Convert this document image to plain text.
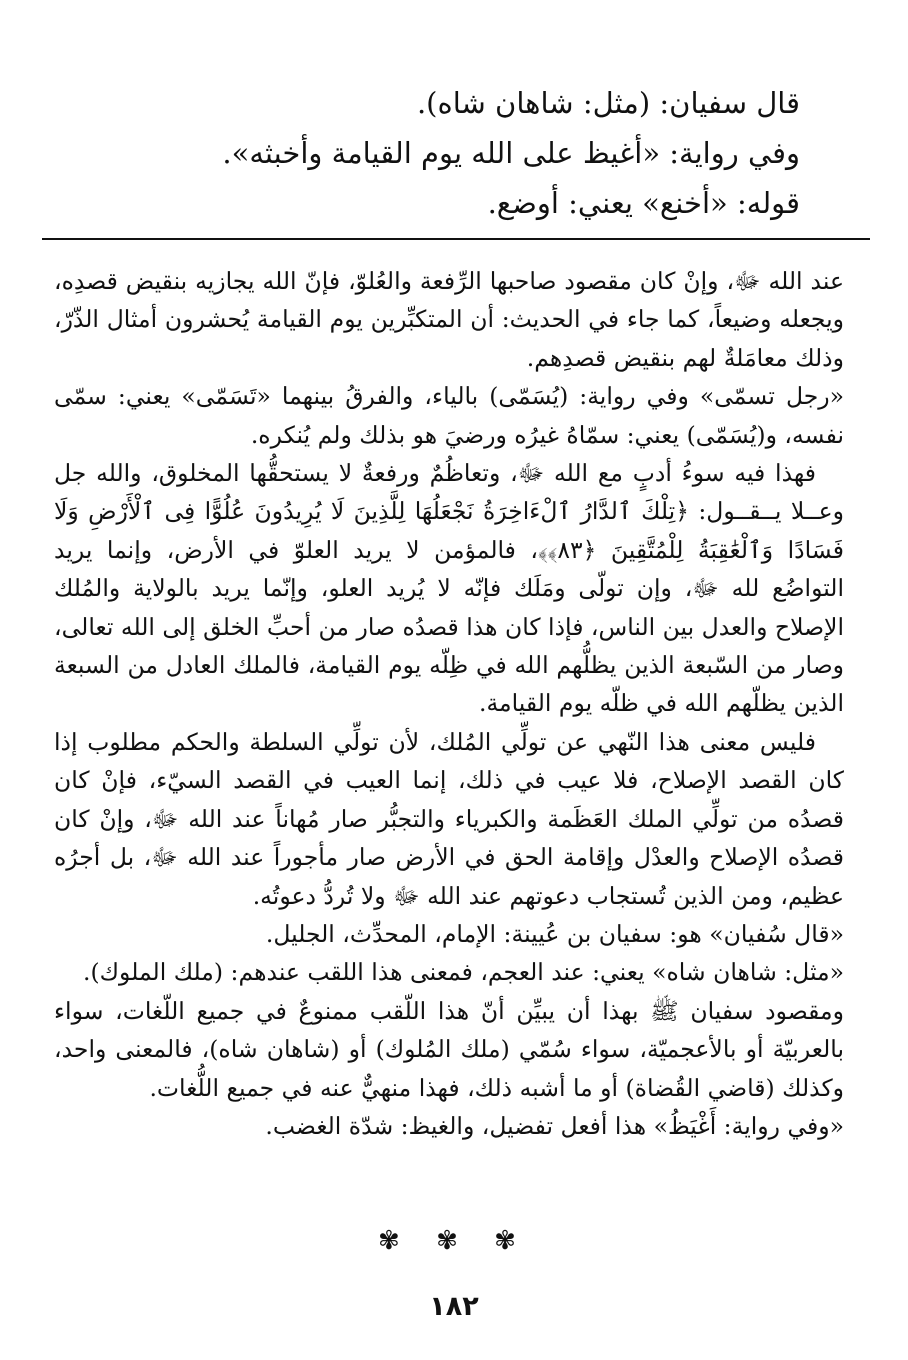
قال سفيان: (مثل: شاهان شاه).

وفي رواية: «أغيظ على الله يوم القيامة وأخبثه».

قوله: «أخنع» يعني: أوضع.

عند الله ﷻ، وإنْ كان مقصود صاحبها الرِّفعة والعُلوّ، فإنّ الله يجازيه بنقيض قصدِه، ويجعله وضيعاً، كما جاء في الحديث: أن المتكبِّرين يوم القيامة يُحشرون أمثال الذّرّ، وذلك معامَلةٌ لهم بنقيض قصدِهم.

«رجل تسمّى» وفي رواية: (يُسَمّى) بالياء، والفرقُ بينهما «تَسَمّى» يعني: سمّى نفسه، و(يُسَمّى) يعني: سمّاهُ غيرُه ورضيَ هو بذلك ولم يُنكره.

فهذا فيه سوءُ أدبٍ مع الله ﷻ، وتعاظُمٌ ورفعةٌ لا يستحقُّها المخلوق، والله جل وعــلا يــقــول: ﴿تِلْكَ ٱلدَّارُ ٱلْءَاخِرَةُ نَجْعَلُهَا لِلَّذِينَ لَا يُرِيدُونَ عُلُوًّا فِى ٱلْأَرْضِ وَلَا فَسَادًا وَٱلْعَٰقِبَةُ لِلْمُتَّقِينَ ﴿٨٣﴾﴾، فالمؤمن لا يريد العلوّ في الأرض، وإنما يريد التواضُع لله ﷻ، وإن تولّى ومَلَك فإنّه لا يُريد العلو، وإنّما يريد بالولاية والمُلك الإصلاح والعدل بين الناس، فإذا كان هذا قصدُه صار من أحبِّ الخلق إلى الله تعالى، وصار من السّبعة الذين يظلُّهم الله في ظِلّه يوم القيامة، فالملك العادل من السبعة الذين يظلّهم الله في ظلّه يوم القيامة.

فليس معنى هذا النّهي عن تولِّي المُلك، لأن تولِّي السلطة والحكم مطلوب إذا كان القصد الإصلاح، فلا عيب في ذلك، إنما العيب في القصد السيّء، فإنْ كان قصدُه من تولِّي الملك العَظَمة والكبرياء والتجبُّر صار مُهاناً عند الله ﷻ، وإنْ كان قصدُه الإصلاح والعدْل وإقامة الحق في الأرض صار مأجوراً عند الله ﷻ، بل أجرُه عظيم، ومن الذين تُستجاب دعوتهم عند الله ﷻ ولا تُردُّ دعوتُه.

«قال سُفيان» هو: سفيان بن عُيينة: الإمام، المحدِّث، الجليل.

«مثل: شاهان شاه» يعني: عند العجم، فمعنى هذا اللقب عندهم: (ملك الملوك).

ومقصود سفيان ﷺ بهذا أن يبيِّن أنّ هذا اللّقب ممنوعٌ في جميع اللّغات، سواء بالعربيّة أو بالأعجميّة، سواء سُمّي (ملك المُلوك) أو (شاهان شاه)، فالمعنى واحد، وكذلك (قاضي القُضاة) أو ما أشبه ذلك، فهذا منهيٌّ عنه في جميع اللُّغات.

«وفي رواية: أَغْيَظُ» هذا أفعل تفضيل، والغيظ: شدّة الغضب.

✾ ✾ ✾
١٨٢
